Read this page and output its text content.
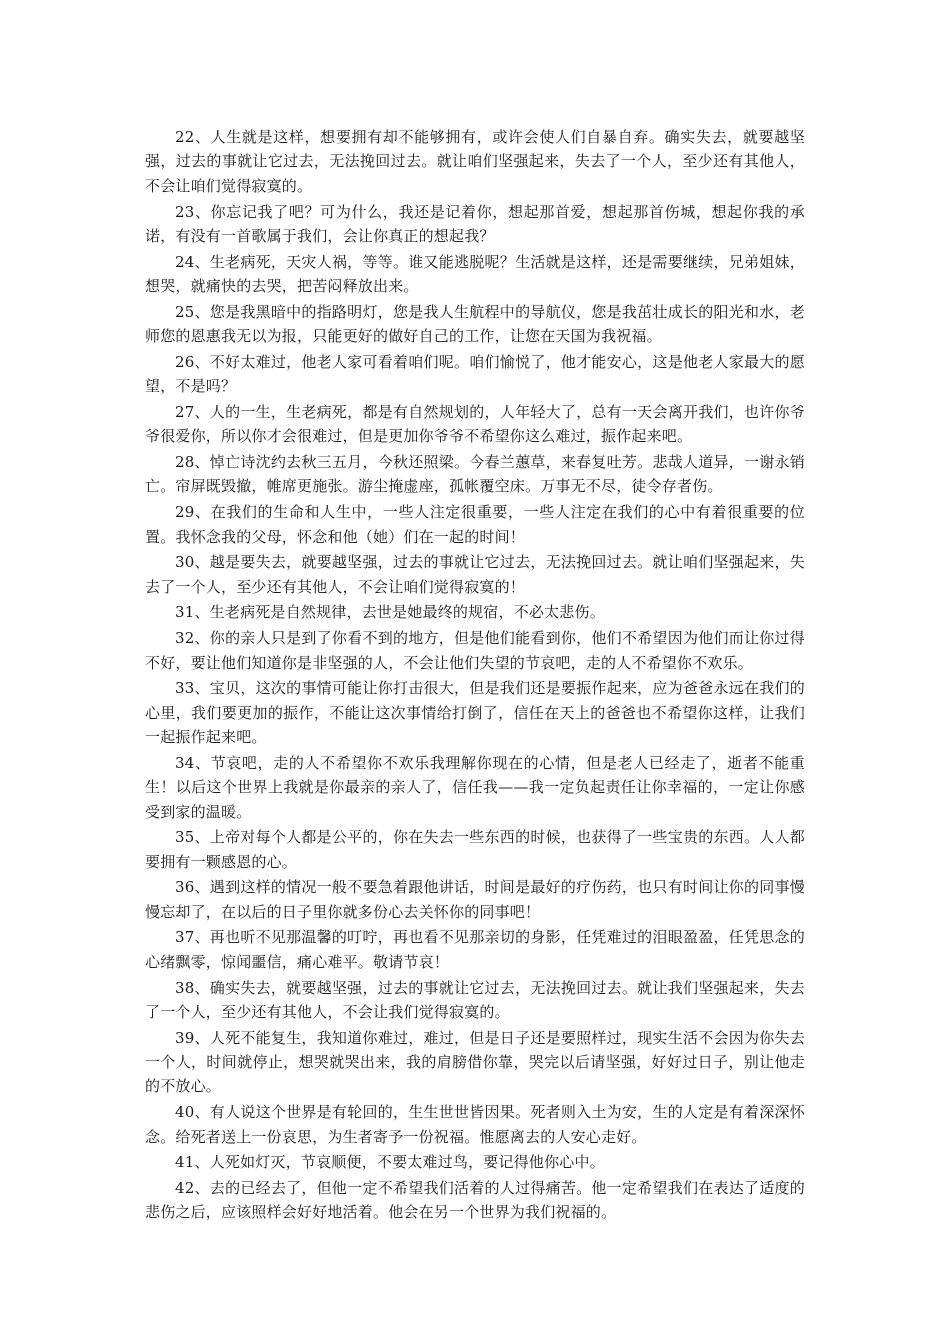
22、人生就是这样，想要拥有却不能够拥有，或许会使人们自暴自弃。确实失去，就要越坚强，过去的事就让它过去，无法挽回过去。就让咱们坚强起来，失去了一个人，至少还有其他人，不会让咱们觉得寂寞的。

23、你忘记我了吧？可为什么，我还是记着你，想起那首爱，想起那首伤城，想起你我的承诺，有没有一首歌属于我们，会让你真正的想起我？

24、生老病死，天灾人祸，等等。谁又能逃脱呢？生活就是这样，还是需要继续，兄弟姐妹，想哭，就痛快的去哭，把苦闷释放出来。

25、您是我黑暗中的指路明灯，您是我人生航程中的导航仪，您是我茁壮成长的阳光和水，老师您的恩惠我无以为报，只能更好的做好自己的工作，让您在天国为我祝福。

26、不好太难过，他老人家可看着咱们呢。咱们愉悦了，他才能安心，这是他老人家最大的愿望，不是吗？

27、人的一生，生老病死，都是有自然规划的，人年轻大了，总有一天会离开我们，也许你爷爷很爱你，所以你才会很难过，但是更加你爷爷不希望你这么难过，振作起来吧。

28、悼亡诗沈约去秋三五月，今秋还照梁。今春兰蕙草，来春复吐芳。悲哉人道异，一谢永销亡。帘屏既毁撤，帷席更施张。游尘掩虚座，孤帐覆空床。万事无不尽，徒令存者伤。

29、在我们的生命和人生中，一些人注定很重要，一些人注定在我们的心中有着很重要的位置。我怀念我的父母，怀念和他（她）们在一起的时间！

30、越是要失去，就要越坚强，过去的事就让它过去，无法挽回过去。就让咱们坚强起来，失去了一个人，至少还有其他人，不会让咱们觉得寂寞的！

31、生老病死是自然规律，去世是她最终的规宿，不必太悲伤。

32、你的亲人只是到了你看不到的地方，但是他们能看到你，他们不希望因为他们而让你过得不好，要让他们知道你是非坚强的人，不会让他们失望的节哀吧，走的人不希望你不欢乐。

33、宝贝，这次的事情可能让你打击很大，但是我们还是要振作起来，应为爸爸永远在我们的心里，我们要更加的振作，不能让这次事情给打倒了，信任在天上的爸爸也不希望你这样，让我们一起振作起来吧。

34、节哀吧，走的人不希望你不欢乐我理解你现在的心情，但是老人已经走了，逝者不能重生！以后这个世界上我就是你最亲的亲人了，信任我——我一定负起责任让你幸福的，一定让你感受到家的温暖。

35、上帝对每个人都是公平的，你在失去一些东西的时候，也获得了一些宝贵的东西。人人都要拥有一颗感恩的心。

36、遇到这样的情况一般不要急着跟他讲话，时间是最好的疗伤药，也只有时间让你的同事慢慢忘却了，在以后的日子里你就多份心去关怀你的同事吧！

37、再也听不见那温馨的叮咛，再也看不见那亲切的身影，任凭难过的泪眼盈盈，任凭思念的心绪飘零，惊闻噩信，痛心难平。敬请节哀！

38、确实失去，就要越坚强，过去的事就让它过去，无法挽回过去。就让我们坚强起来，失去了一个人，至少还有其他人，不会让我们觉得寂寞的。

39、人死不能复生，我知道你难过，难过，但是日子还是要照样过，现实生活不会因为你失去一个人，时间就停止，想哭就哭出来，我的肩膀借你靠，哭完以后请坚强，好好过日子，别让他走的不放心。

40、有人说这个世界是有轮回的，生生世世皆因果。死者则入土为安，生的人定是有着深深怀念。给死者送上一份哀思，为生者寄予一份祝福。惟愿离去的人安心走好。

41、人死如灯灭，节哀顺便，不要太难过鸟，要记得他你心中。

42、去的已经去了，但他一定不希望我们活着的人过得痛苦。他一定希望我们在表达了适度的悲伤之后，应该照样会好好地活着。他会在另一个世界为我们祝福的。
